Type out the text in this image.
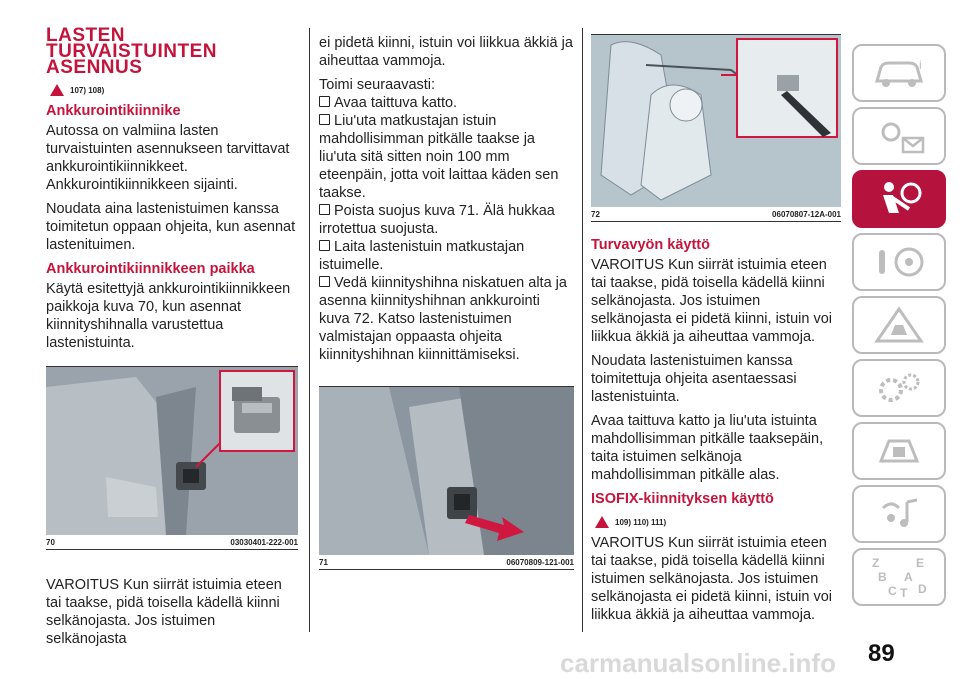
LASTEN
TURVAISTUINTEN
ASENNUS
107) 108)
Ankkurointikiinnike

Autossa on valmiina lasten turvaistuinten asennukseen tarvittavat ankkurointikiinnikkeet. Ankkurointikiinnikkeen sijainti.

Noudata aina lastenistuimen kanssa toimitetun oppaan ohjeita, kun asennat lastenituimen.

Ankkurointikiinnikkeen paikka

Käytä esitettyjä ankkurointikiinnikkeen paikkoja kuva 70, kun asennat kiinnityshihnalla varustettua lastenistuinta.

70	03030401-222-001

VAROITUS Kun siirrät istuimia eteen tai taakse, pidä toisella kädellä kiinni selkänojasta. Jos istuimen selkänojasta

ei pidetä kiinni, istuin voi liikkua äkkiä ja aiheuttaa vammoja.

Toimi seuraavasti:

Avaa taittuva katto.

Liu'uta matkustajan istuin mahdollisimman pitkälle taakse ja liu'uta sitä sitten noin 100 mm eteenpäin, jotta voit laittaa käden sen taakse.

Poista suojus kuva 71. Älä hukkaa irrotettua suojusta.

Laita lastenistuin matkustajan istuimelle.

Vedä kiinnityshihna niskatuen alta ja asenna kiinnityshihnan ankkurointi kuva 72. Katso lastenistuimen valmistajan oppaasta ohjeita kiinnityshihnan kiinnittämiseksi.

71	06070809-121-001
72	06070807-12A-001
Turvavyön käyttö

VAROITUS Kun siirrät istuimia eteen tai taakse, pidä toisella kädellä kiinni selkänojasta. Jos istuimen selkänojasta ei pidetä kiinni, istuin voi liikkua äkkiä ja aiheuttaa vammoja.

Noudata lastenistuimen kanssa toimitettuja ohjeita asentaessasi lastenistuinta.

Avaa taittuva katto ja liu'uta istuinta mahdollisimman pitkälle taaksepäin, taita istuimen selkänoja mahdollisimman pitkälle alas.

ISOFIX-kiinnityksen käyttö
109) 110) 111)

VAROITUS Kun siirrät istuimia eteen tai taakse, pidä toisella kädellä kiinni istuimen selkänojasta. Jos istuimen selkänojasta ei pidetä kiinni, istuin voi liikkua äkkiä ja aiheuttaa vammoja.

i
Z	E
B A
C T D
carmanualsonline.info 89
